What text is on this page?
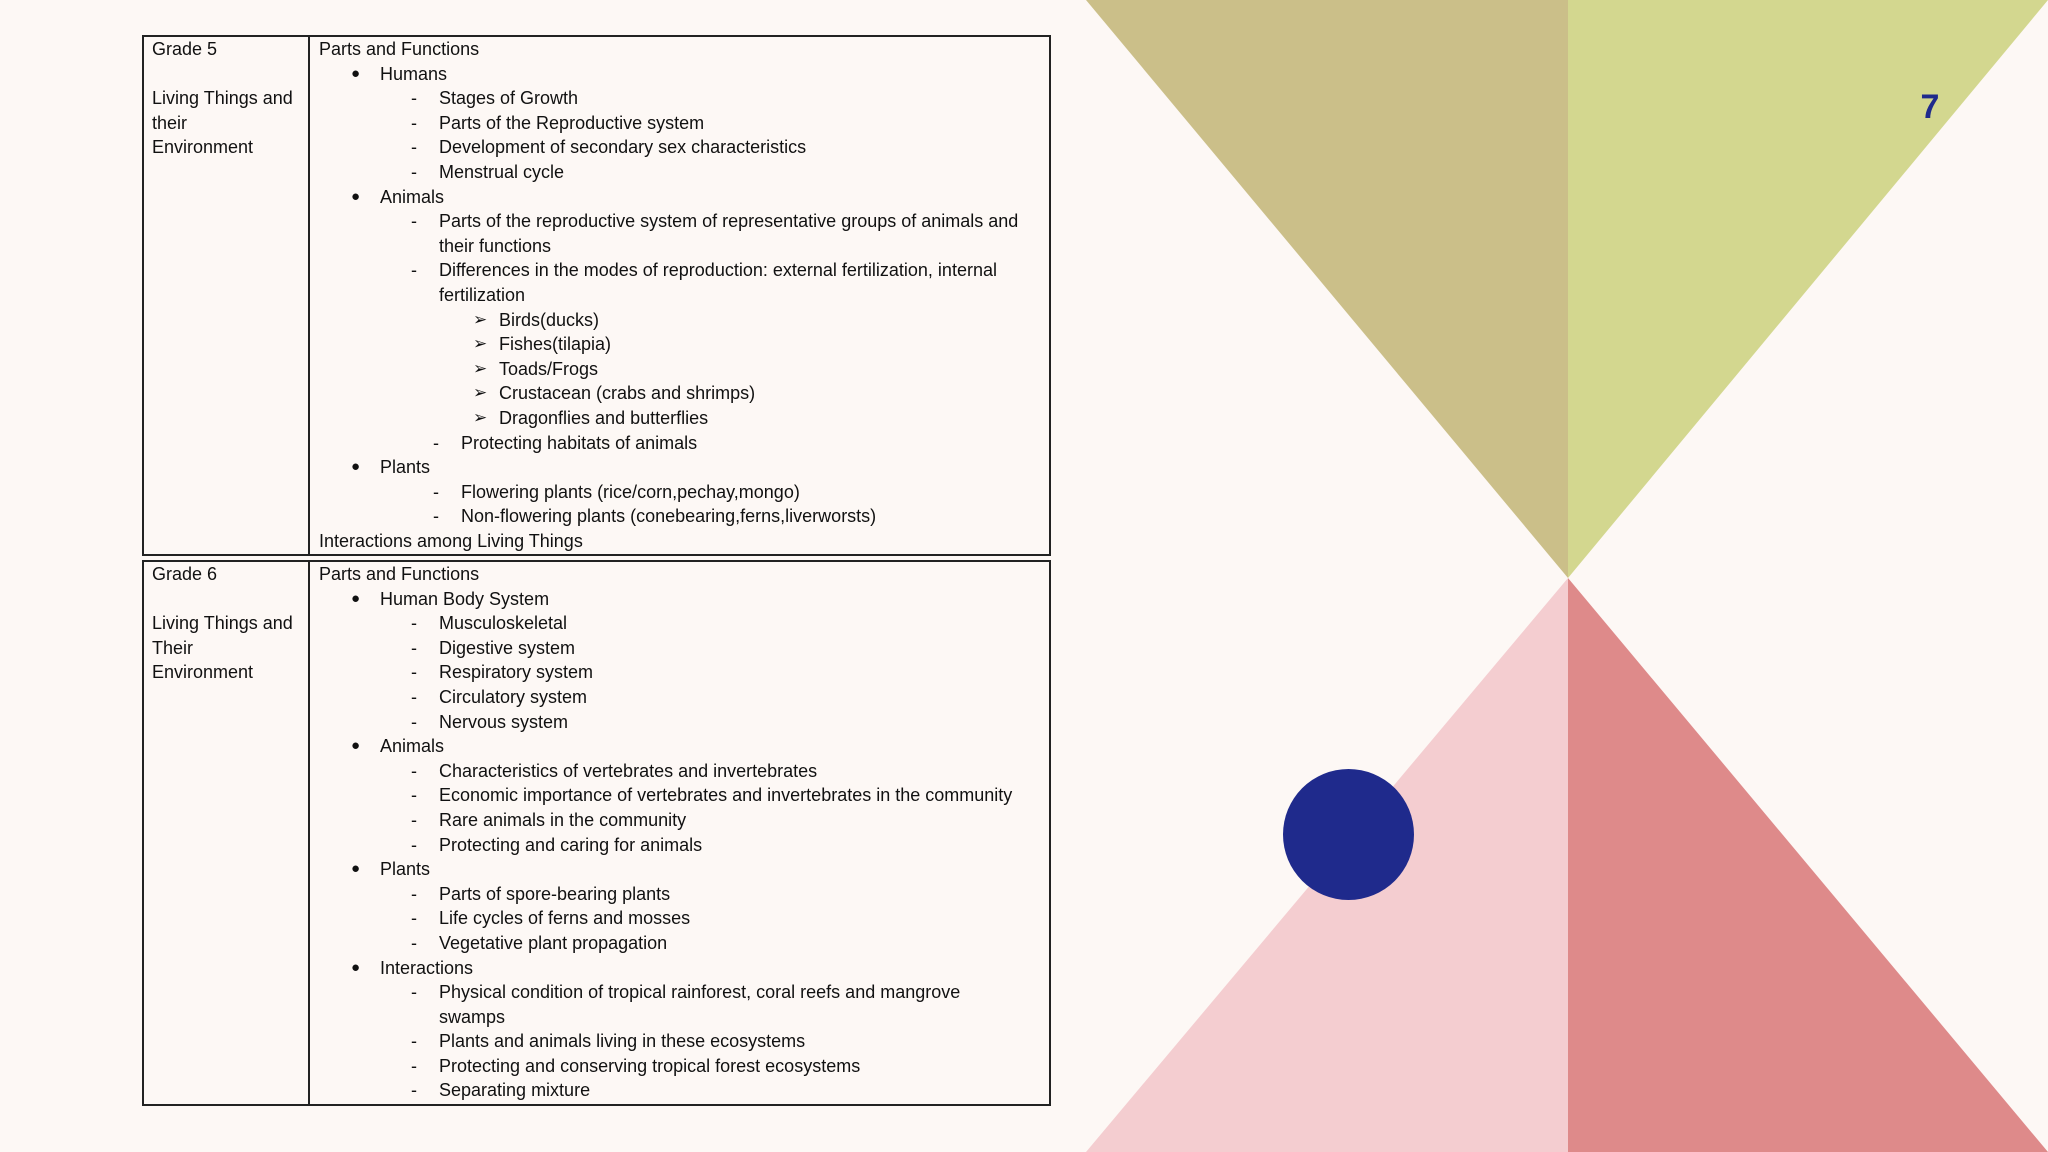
7
Grade 5
Living Things and
their
Environment
Parts and Functions
● Humans
- Stages of Growth
- Parts of the Reproductive system
- Development of secondary sex characteristics
- Menstrual cycle
● Animals
- Parts of the reproductive system of representative groups of animals and
their functions
- Differences in the modes of reproduction: external fertilization, internal
fertilization
➢ Birds(ducks)
➢ Fishes(tilapia)
➢ Toads/Frogs
➢ Crustacean (crabs and shrimps)
➢ Dragonflies and butterflies
- Protecting habitats of animals
● Plants
- Flowering plants (rice/corn,pechay,mongo)
- Non-flowering plants (conebearing,ferns,liverworsts)
Interactions among Living Things
Grade 6
Living Things and
Their
Environment
Parts and Functions
● Human Body System
- Musculoskeletal
- Digestive system
- Respiratory system
- Circulatory system
- Nervous system
● Animals
- Characteristics of vertebrates and invertebrates
- Economic importance of vertebrates and invertebrates in the community
- Rare animals in the community
- Protecting and caring for animals
● Plants
- Parts of spore-bearing plants
- Life cycles of ferns and mosses
- Vegetative plant propagation
● Interactions
- Physical condition of tropical rainforest, coral reefs and mangrove
swamps
- Plants and animals living in these ecosystems
- Protecting and conserving tropical forest ecosystems
- Separating mixture
